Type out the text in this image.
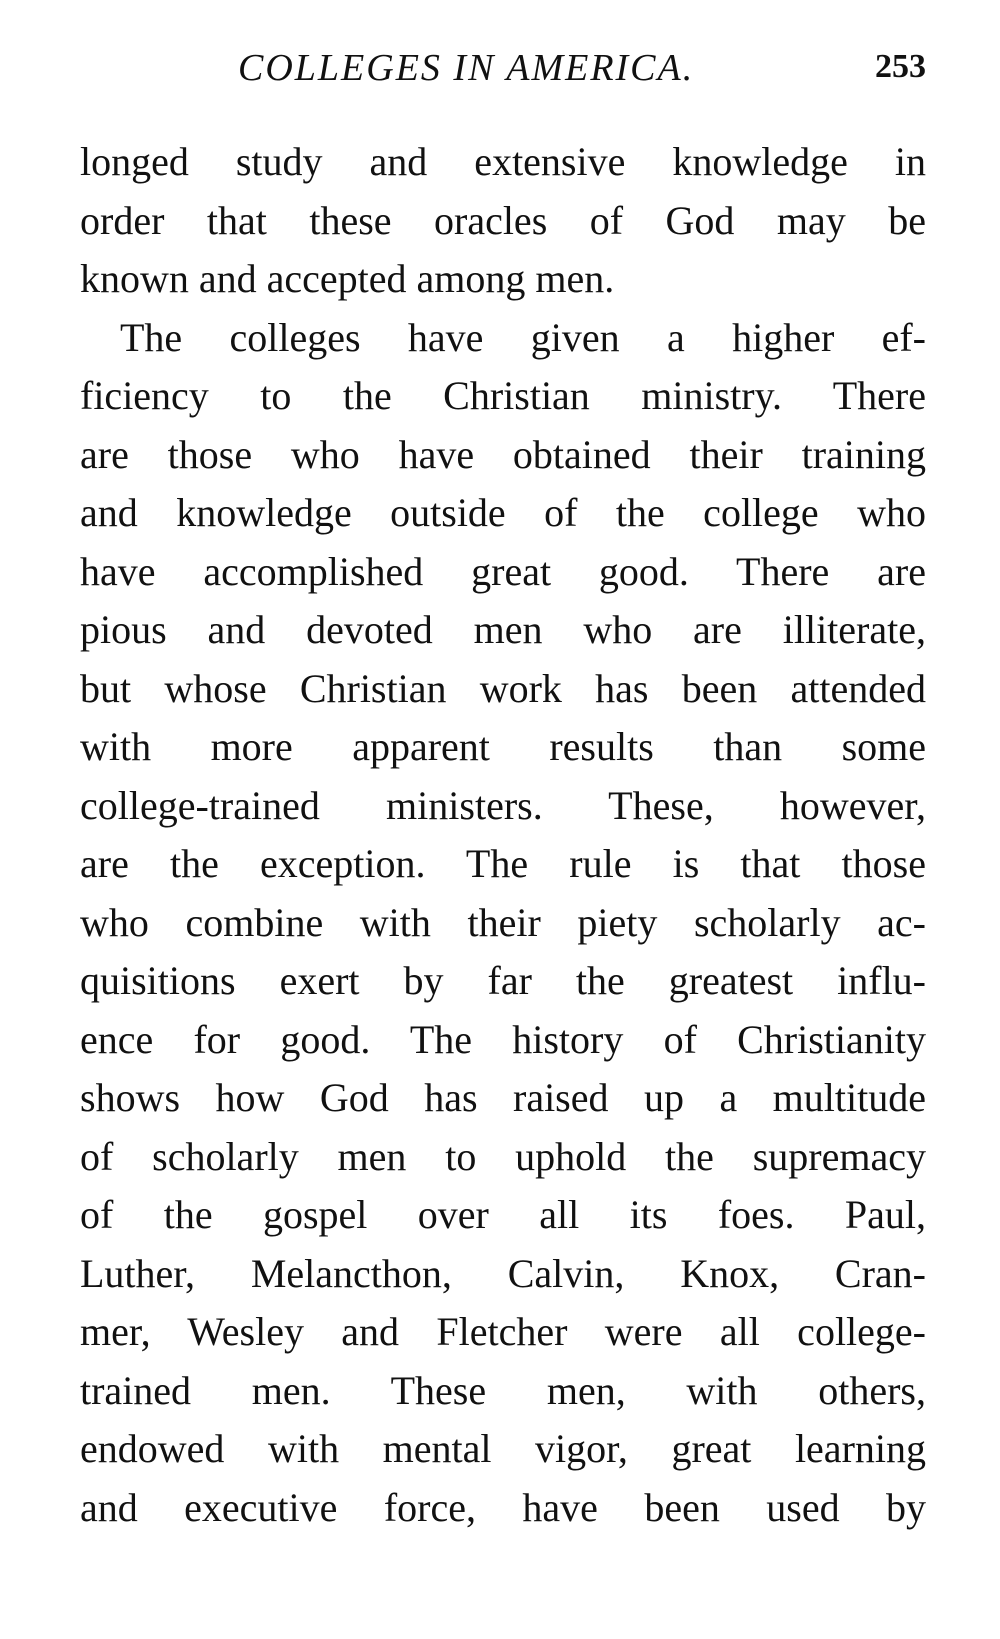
COLLEGES IN AMERICA.	253
longed study and extensive knowledge in
order that these oracles of God may be
known and accepted among men.
The colleges have given a higher ef-
ficiency to the Christian ministry. There
are those who have obtained their training
and knowledge outside of the college who
have accomplished great good. There are
pious and devoted men who are illiterate,
but whose Christian work has been attended
with more apparent results than some
college-trained ministers. These, however,
are the exception. The rule is that those
who combine with their piety scholarly ac-
quisitions exert by far the greatest influ-
ence for good. The history of Christianity
shows how God has raised up a multitude
of scholarly men to uphold the supremacy
of the gospel over all its foes. Paul,
Luther, Melancthon, Calvin, Knox, Cran-
mer, Wesley and Fletcher were all college-
trained men. These men, with others,
endowed with mental vigor, great learning
and executive force, have been used by
